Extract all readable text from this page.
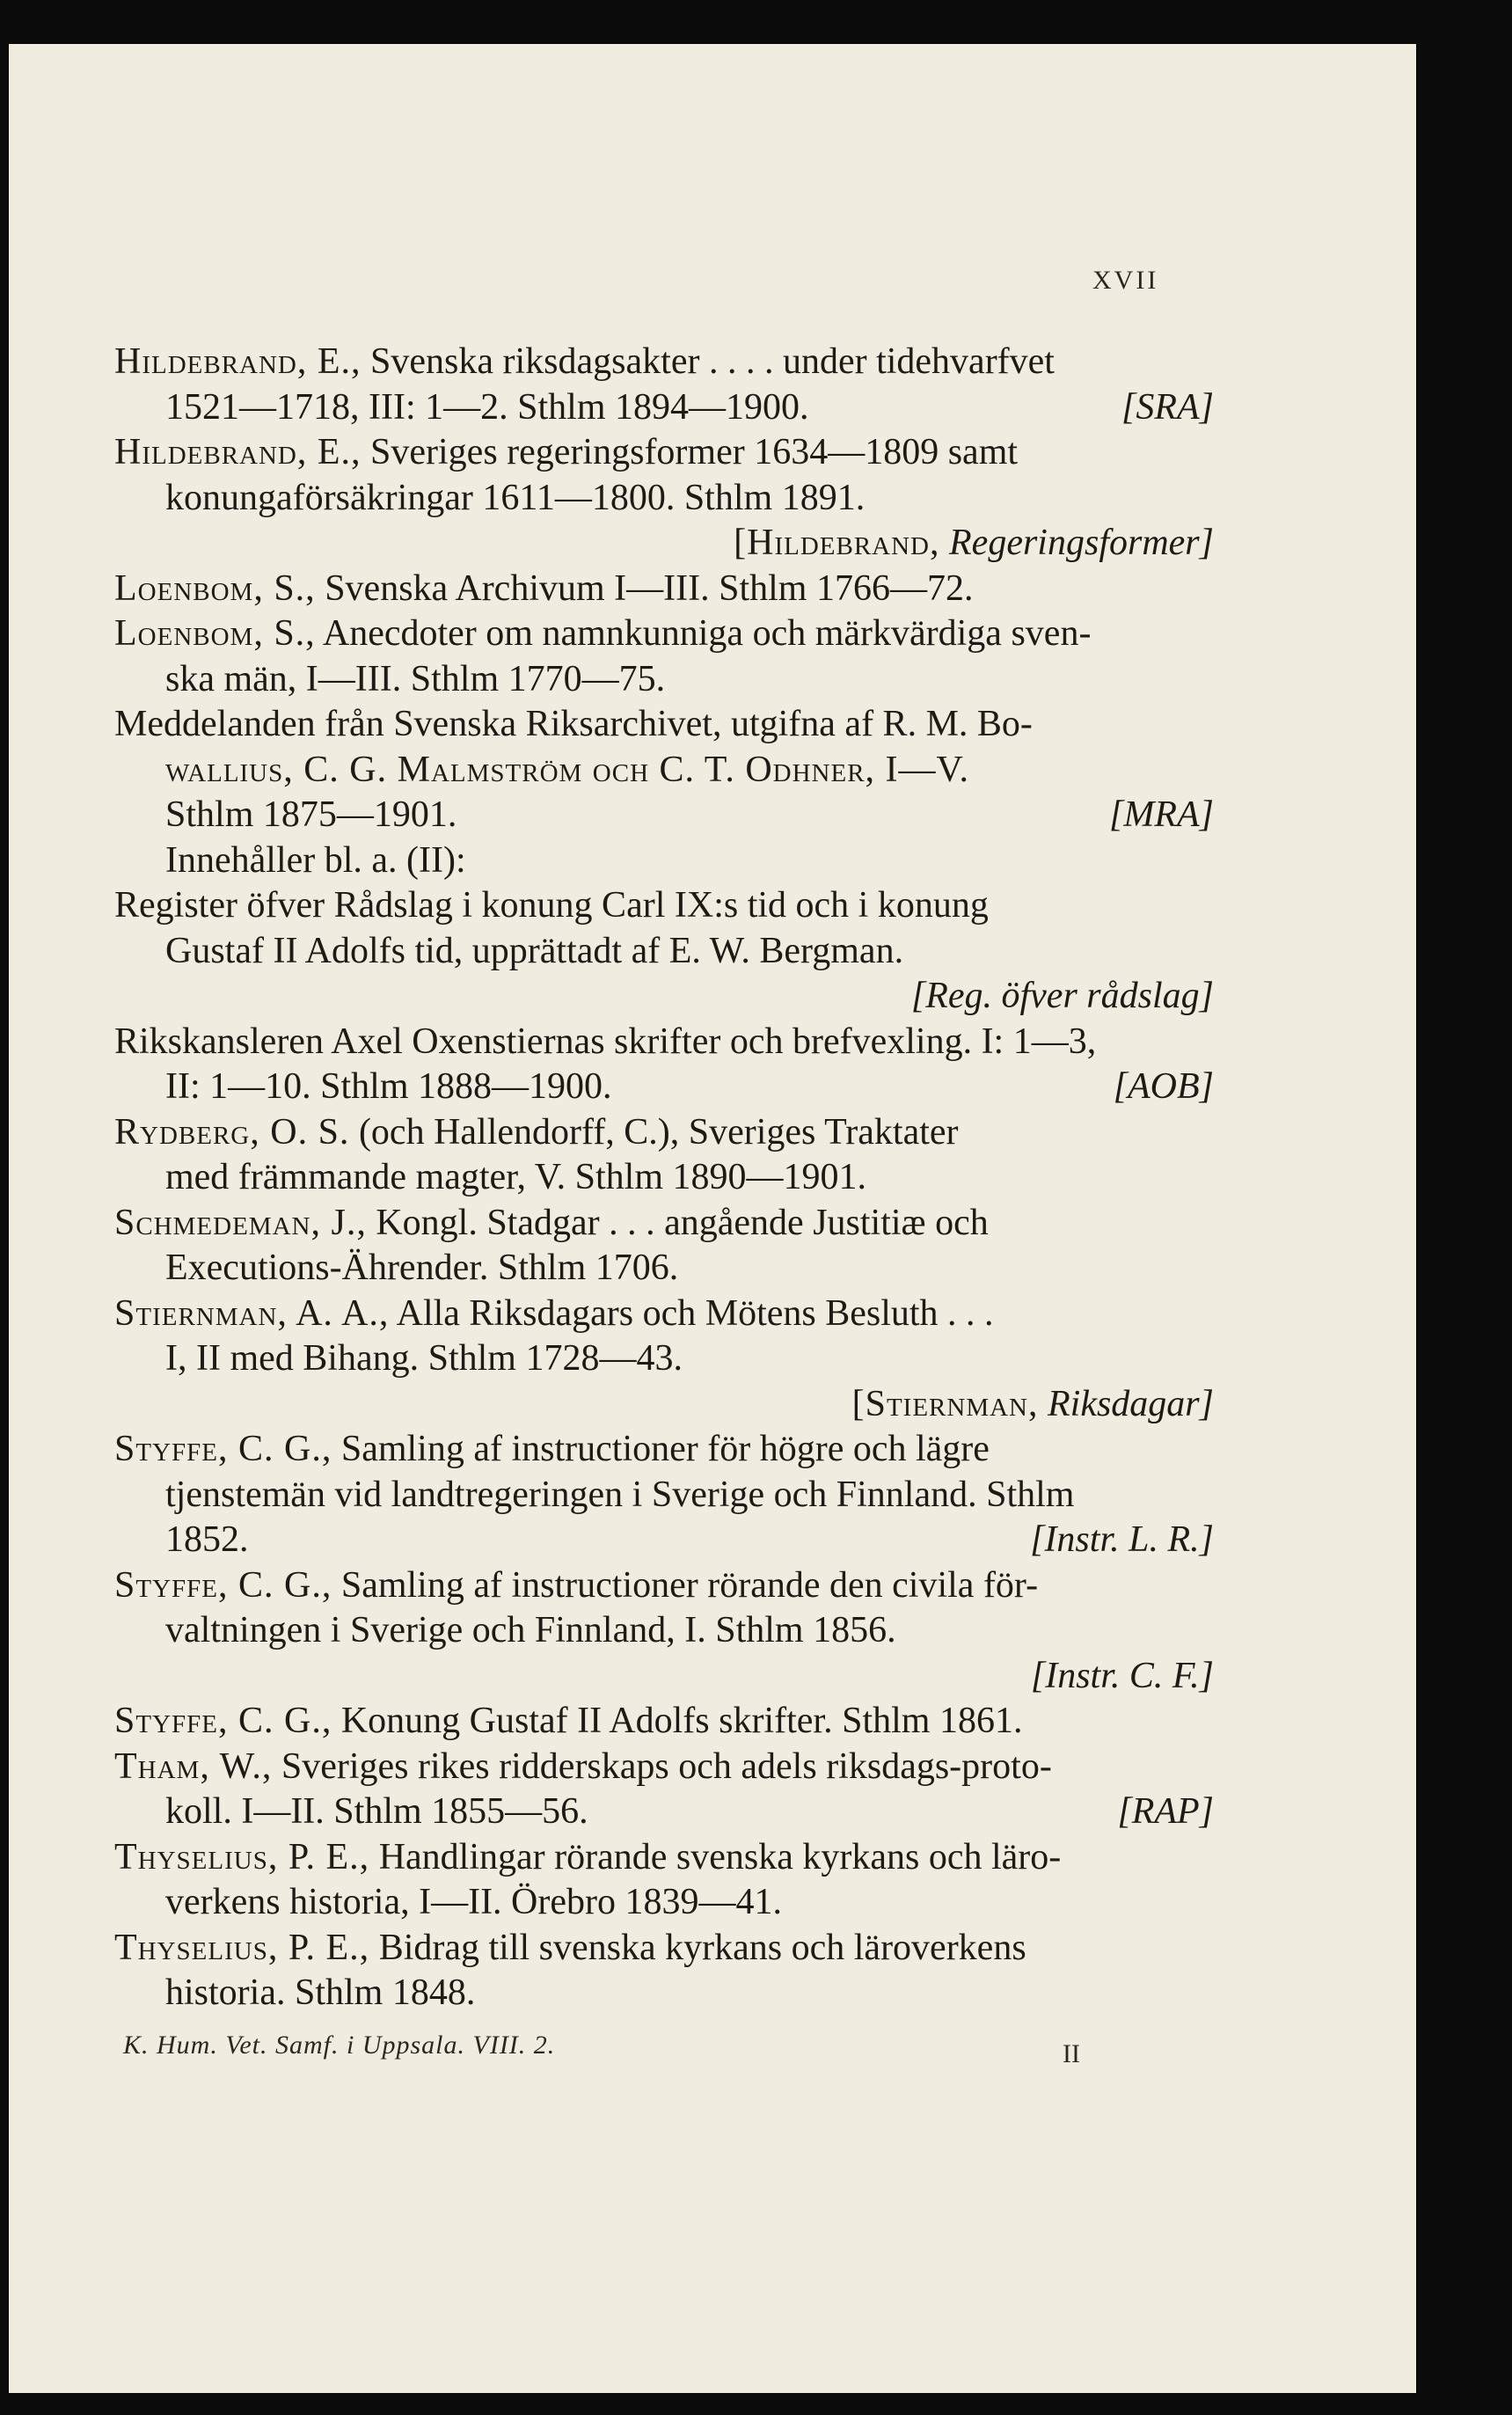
XVII
Hildebrand, E., Svenska riksdagsakter . . . . under tidehvarfvet
1521—1718, III: 1—2. Sthlm 1894—1900.	[SRA]
Hildebrand, E., Sveriges regeringsformer 1634—1809 samt
konungaförsäkringar 1611—1800. Sthlm 1891.
[Hildebrand, Regeringsformer]
Loenbom, S., Svenska Archivum I—III. Sthlm 1766—72.
Loenbom, S., Anecdoter om namnkunniga och märkvärdiga sven-
ska män, I—III. Sthlm 1770—75.
Meddelanden från Svenska Riksarchivet, utgifna af R. M. Bo-
wallius, C. G. Malmström och C. T. Odhner, I—V.
Sthlm 1875—1901.	[MRA]
Innehåller bl. a. (II):
Register öfver Rådslag i konung Carl IX:s tid och i konung
Gustaf II Adolfs tid, upprättadt af E. W. Bergman.
[Reg. öfver rådslag]
Rikskansleren Axel Oxenstiernas skrifter och brefvexling. I: 1—3,
II: 1—10. Sthlm 1888—1900.	[AOB]
Rydberg, O. S. (och Hallendorff, C.), Sveriges Traktater
med främmande magter, V. Sthlm 1890—1901.
Schmedeman, J., Kongl. Stadgar . . . angående Justitiæ och
Executions-Ährender. Sthlm 1706.
Stiernman, A. A., Alla Riksdagars och Mötens Besluth . . .
I, II med Bihang. Sthlm 1728—43.
[Stiernman, Riksdagar]
Styffe, C. G., Samling af instructioner för högre och lägre
tjenstemän vid landtregeringen i Sverige och Finnland. Sthlm
1852.	[Instr. L. R.]
Styffe, C. G., Samling af instructioner rörande den civila för-
valtningen i Sverige och Finnland, I. Sthlm 1856.
[Instr. C. F.]
Styffe, C. G., Konung Gustaf II Adolfs skrifter. Sthlm 1861.
Tham, W., Sveriges rikes ridderskaps och adels riksdags-proto-
koll. I—II. Sthlm 1855—56.	[RAP]
Thyselius, P. E., Handlingar rörande svenska kyrkans och läro-
verkens historia, I—II. Örebro 1839—41.
Thyselius, P. E., Bidrag till svenska kyrkans och läroverkens
historia. Sthlm 1848.
K. Hum. Vet. Samf. i Uppsala. VIII. 2.	II
